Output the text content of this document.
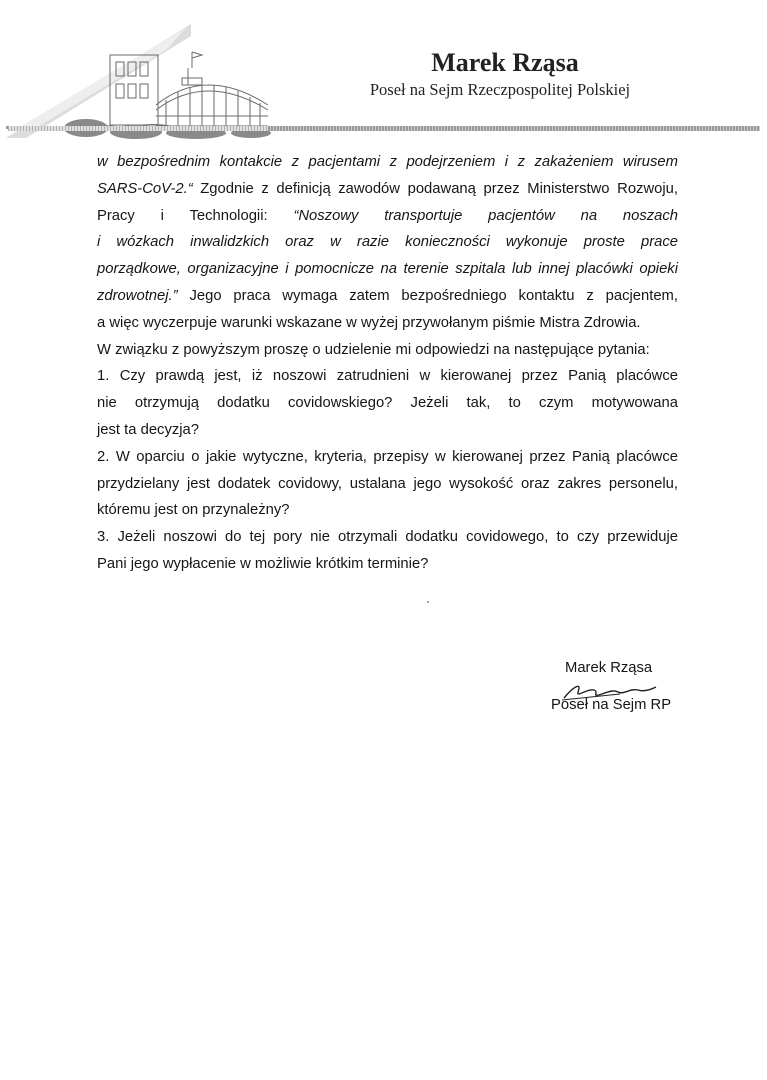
Marek Rząsa
Poseł na Sejm Rzeczpospolitej Polskiej
w bezpośrednim kontakcie z pacjentami z podejrzeniem i z zakażeniem wirusem
SARS-CoV-2.“ Zgodnie z definicją zawodów podawaną przez Ministerstwo Rozwoju,
Pracy i Technologii: “Noszowy transportuje pacjentów na noszach
i wózkach inwalidzkich oraz w razie konieczności wykonuje proste prace
porządkowe, organizacyjne i pomocnicze na terenie szpitala lub innej placówki opieki
zdrowotnej.” Jego praca wymaga zatem bezpośredniego kontaktu z pacjentem,
a więc wyczerpuje warunki wskazane w wyżej przywołanym piśmie Mistra Zdrowia.
W związku z powyższym proszę o udzielenie mi odpowiedzi na następujące pytania:
1. Czy prawdą jest, iż noszowi zatrudnieni w kierowanej przez Panią placówce
nie otrzymują dodatku covidowskiego? Jeżeli tak, to czym motywowana
jest ta decyzja?
2. W oparciu o jakie wytyczne, kryteria, przepisy w kierowanej przez Panią placówce
przydzielany jest dodatek covidowy, ustalana jego wysokość oraz zakres personelu,
któremu jest on przynależny?
3. Jeżeli noszowi do tej pory nie otrzymali dodatku covidowego, to czy przewiduje
Pani jego wypłacenie w możliwie krótkim terminie?
Marek Rząsa
Poseł na Sejm RP
